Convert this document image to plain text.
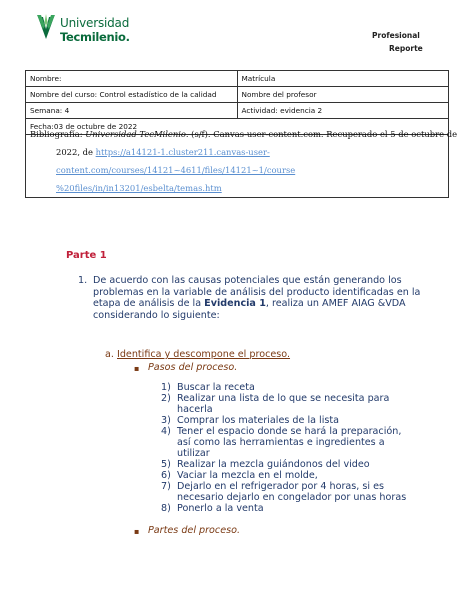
Universidad
Tecmilenio.	Profesional
Reporte
Nombre:	Matrícula
Nombre del curso: Control estadístico de la calidad	Nombre del profesor
Semana: 4	Actividad: evidencia 2
Fecha:03 de octubre de 2022	
Bibliografía: Universidad TecMilenio. (s/f). Canvas-user-content.com. Recuperado el 5 de octubre de
2022, de https://a14121-1.cluster211.canvas-user-
content.com/courses/14121~4611/files/14121~1/course
%20files/in/in13201/esbelta/temas.htm
Parte 1
1. De acuerdo con las causas potenciales que están generando los problemas en la variable de análisis del producto identificadas en la etapa de análisis de la Evidencia 1, realiza un AMEF AIAG &VDA considerando lo siguiente:
a. Identifica y descompone el proceso.
▪ Pasos del proceso.
1) Buscar la receta
2) Realizar una lista de lo que se necesita para
hacerla
3) Comprar los materiales de la lista
4) Tener el espacio donde se hará la preparación,
así como las herramientas e ingredientes a
utilizar
5) Realizar la mezcla guiándonos del video
6) Vaciar la mezcla en el molde,
7) Dejarlo en el refrigerador por 4 horas, si es
necesario dejarlo en congelador por unas horas
8) Ponerlo a la venta
▪ Partes del proceso.
